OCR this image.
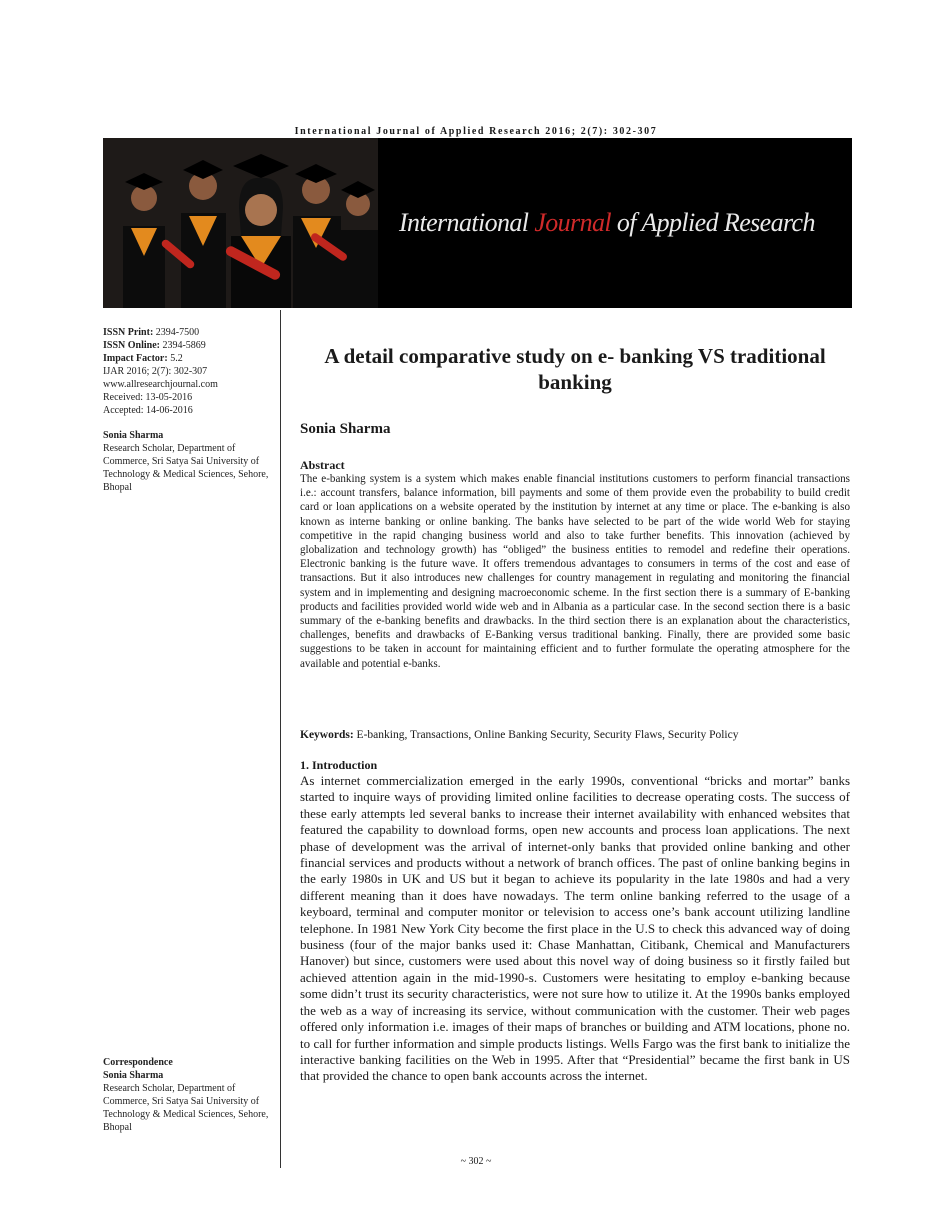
International Journal of Applied Research 2016; 2(7): 302-307
International Journal of Applied Research
ISSN Print: 2394-7500
ISSN Online: 2394-5869
Impact Factor: 5.2
IJAR 2016; 2(7): 302-307
www.allresearchjournal.com
Received: 13-05-2016
Accepted: 14-06-2016
Sonia Sharma
Research Scholar, Department of Commerce, Sri Satya Sai University of Technology & Medical Sciences, Sehore, Bhopal
Correspondence
Sonia Sharma
Research Scholar, Department of Commerce, Sri Satya Sai University of Technology & Medical Sciences, Sehore, Bhopal
A detail comparative study on e- banking VS traditional banking
Sonia Sharma
Abstract
The e-banking system is a system which makes enable financial institutions customers to perform financial transactions i.e.: account transfers, balance information, bill payments and some of them provide even the probability to build credit card or loan applications on a website operated by the institution by internet at any time or place. The e-banking is also known as interne banking or online banking. The banks have selected to be part of the wide world Web for staying competitive in the rapid changing business world and also to take further benefits. This innovation (achieved by globalization and technology growth) has “obliged” the business entities to remodel and redefine their operations. Electronic banking is the future wave. It offers tremendous advantages to consumers in terms of the cost and ease of transactions. But it also introduces new challenges for country management in regulating and monitoring the financial system and in implementing and designing macroeconomic scheme. In the first section there is a summary of E-banking products and facilities provided world wide web and in Albania as a particular case. In the second section there is a basic summary of the e-banking benefits and drawbacks. In the third section there is an explanation about the characteristics, challenges, benefits and drawbacks of E-Banking versus traditional banking. Finally, there are provided some basic suggestions to be taken in account for maintaining efficient and to further formulate the operating atmosphere for the available and potential e-banks.
Keywords: E-banking, Transactions, Online Banking Security, Security Flaws, Security Policy
1. Introduction
As internet commercialization emerged in the early 1990s, conventional “bricks and mortar” banks started to inquire ways of providing limited online facilities to decrease operating costs. The success of these early attempts led several banks to increase their internet availability with enhanced websites that featured the capability to download forms, open new accounts and process loan applications. The next phase of development was the arrival of internet-only banks that provided online banking and other financial services and products without a network of branch offices. The past of online banking begins in the early 1980s in UK and US but it began to achieve its popularity in the late 1980s and had a very different meaning than it does have nowadays. The term online banking referred to the usage of a keyboard, terminal and computer monitor or television to access one’s bank account utilizing landline telephone. In 1981 New York City become the first place in the U.S to check this advanced way of doing business (four of the major banks used it: Chase Manhattan, Citibank, Chemical and Manufacturers Hanover) but since, customers were used about this novel way of doing business so it firstly failed but achieved attention again in the mid-1990-s. Customers were hesitating to employ e-banking because some didn’t trust its security characteristics, were not sure how to utilize it. At the 1990s banks employed the web as a way of increasing its service, without communication with the customer. Their web pages offered only information i.e. images of their maps of branches or building and ATM locations, phone no. to call for further information and simple products listings. Wells Fargo was the first bank to initialize the interactive banking facilities on the Web in 1995. After that “Presidential” became the first bank in US that provided the chance to open bank accounts across the internet.
~ 302 ~
